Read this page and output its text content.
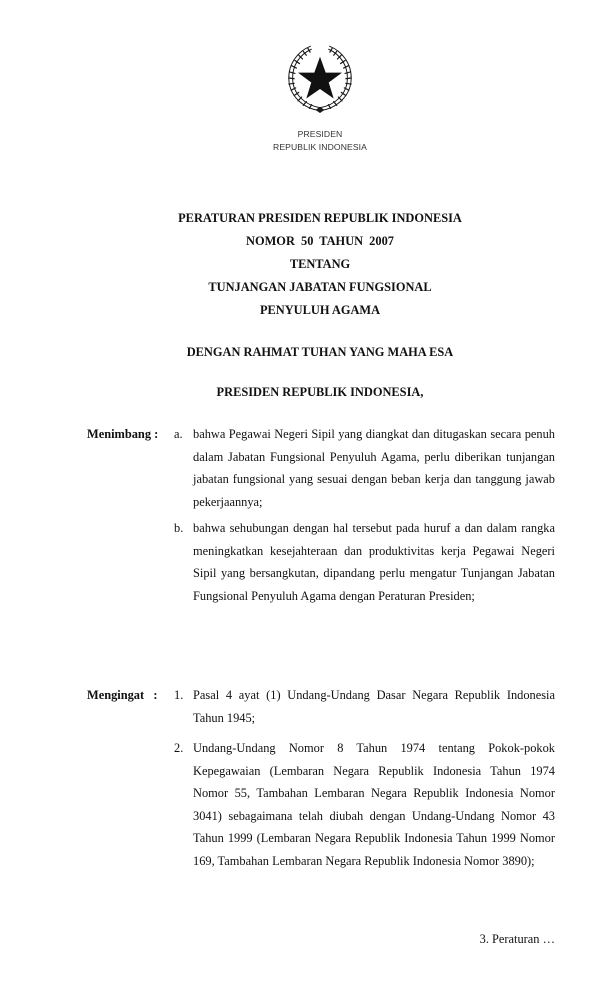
PRESIDEN
REPUBLIK INDONESIA
PERATURAN PRESIDEN REPUBLIK INDONESIA
NOMOR 50 TAHUN 2007
TENTANG
TUNJANGAN JABATAN FUNGSIONAL
PENYULUH AGAMA
DENGAN RAHMAT TUHAN YANG MAHA ESA
PRESIDEN REPUBLIK INDONESIA,
Menimbang : a. bahwa Pegawai Negeri Sipil yang diangkat dan ditugaskan secara penuh dalam Jabatan Fungsional Penyuluh Agama, perlu diberikan tunjangan jabatan fungsional yang sesuai dengan beban kerja dan tanggung jawab pekerjaannya;
b. bahwa sehubungan dengan hal tersebut pada huruf a dan dalam rangka meningkatkan kesejahteraan dan produktivitas kerja Pegawai Negeri Sipil yang bersangkutan, dipandang perlu mengatur Tunjangan Jabatan Fungsional Penyuluh Agama dengan Peraturan Presiden;
Mengingat   : 1. Pasal 4 ayat (1) Undang-Undang Dasar Negara Republik Indonesia Tahun 1945;
2. Undang-Undang Nomor 8 Tahun 1974 tentang Pokok-pokok Kepegawaian (Lembaran Negara Republik Indonesia Tahun 1974 Nomor 55, Tambahan Lembaran Negara Republik Indonesia Nomor 3041) sebagaimana telah diubah dengan Undang-Undang Nomor 43 Tahun 1999 (Lembaran Negara Republik Indonesia Tahun 1999 Nomor 169, Tambahan Lembaran Negara Republik Indonesia Nomor 3890);
3. Peraturan …
